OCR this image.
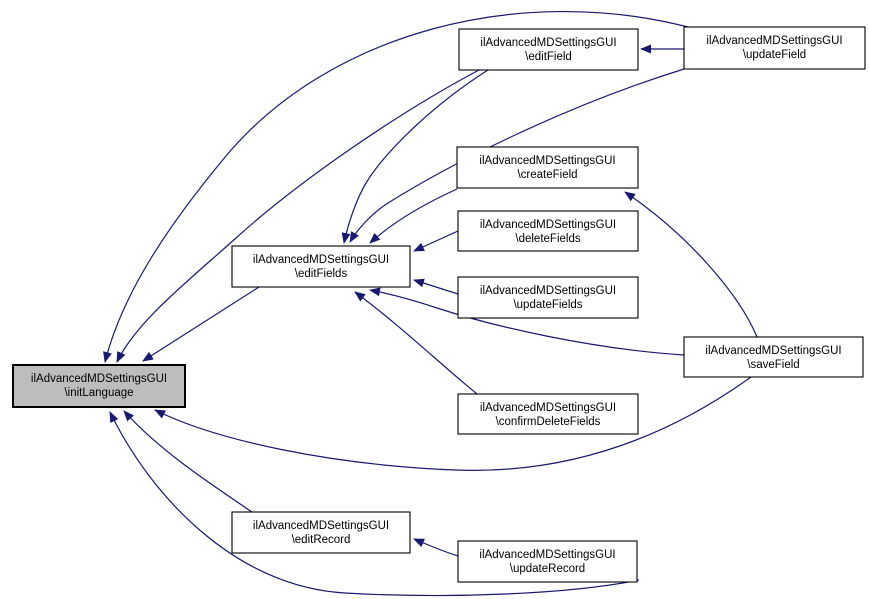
ilAdvancedMDSettingsGUI
\initLanguage
ilAdvancedMDSettingsGUI
\editField
ilAdvancedMDSettingsGUI
\updateField
ilAdvancedMDSettingsGUI
\createField
ilAdvancedMDSettingsGUI
\deleteFields
ilAdvancedMDSettingsGUI
\editFields
ilAdvancedMDSettingsGUI
\updateFields
ilAdvancedMDSettingsGUI
\saveField
ilAdvancedMDSettingsGUI
\confirmDeleteFields
ilAdvancedMDSettingsGUI
\editRecord
ilAdvancedMDSettingsGUI
\updateRecord
